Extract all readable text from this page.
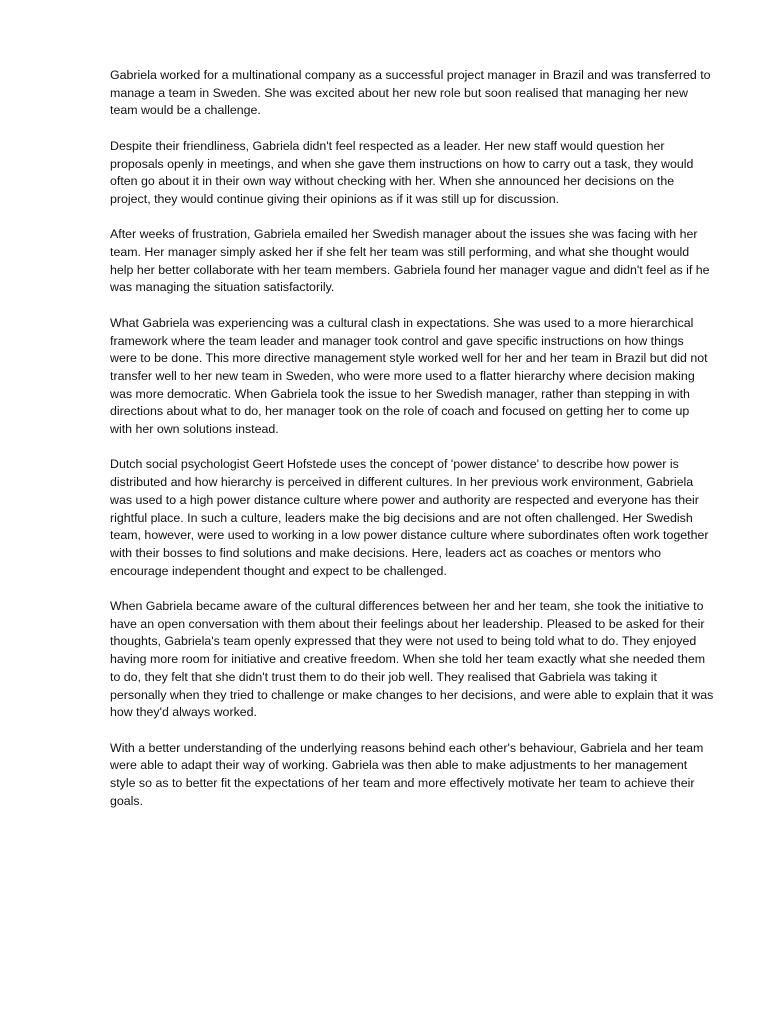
Gabriela worked for a multinational company as a successful project manager in Brazil and was transferred to manage a team in Sweden. She was excited about her new role but soon realised that managing her new team would be a challenge.

Despite their friendliness, Gabriela didn't feel respected as a leader. Her new staff would question her proposals openly in meetings, and when she gave them instructions on how to carry out a task, they would often go about it in their own way without checking with her. When she announced her decisions on the project, they would continue giving their opinions as if it was still up for discussion.

After weeks of frustration, Gabriela emailed her Swedish manager about the issues she was facing with her team. Her manager simply asked her if she felt her team was still performing, and what she thought would help her better collaborate with her team members. Gabriela found her manager vague and didn't feel as if he was managing the situation satisfactorily.

What Gabriela was experiencing was a cultural clash in expectations. She was used to a more hierarchical framework where the team leader and manager took control and gave specific instructions on how things were to be done. This more directive management style worked well for her and her team in Brazil but did not transfer well to her new team in Sweden, who were more used to a flatter hierarchy where decision making was more democratic. When Gabriela took the issue to her Swedish manager, rather than stepping in with directions about what to do, her manager took on the role of coach and focused on getting her to come up with her own solutions instead.

Dutch social psychologist Geert Hofstede uses the concept of 'power distance' to describe how power is distributed and how hierarchy is perceived in different cultures. In her previous work environment, Gabriela was used to a high power distance culture where power and authority are respected and everyone has their rightful place. In such a culture, leaders make the big decisions and are not often challenged. Her Swedish team, however, were used to working in a low power distance culture where subordinates often work together with their bosses to find solutions and make decisions. Here, leaders act as coaches or mentors who encourage independent thought and expect to be challenged.

When Gabriela became aware of the cultural differences between her and her team, she took the initiative to have an open conversation with them about their feelings about her leadership. Pleased to be asked for their thoughts, Gabriela's team openly expressed that they were not used to being told what to do. They enjoyed having more room for initiative and creative freedom. When she told her team exactly what she needed them to do, they felt that she didn't trust them to do their job well. They realised that Gabriela was taking it personally when they tried to challenge or make changes to her decisions, and were able to explain that it was how they'd always worked.

With a better understanding of the underlying reasons behind each other's behaviour, Gabriela and her team were able to adapt their way of working. Gabriela was then able to make adjustments to her management style so as to better fit the expectations of her team and more effectively motivate her team to achieve their goals.
